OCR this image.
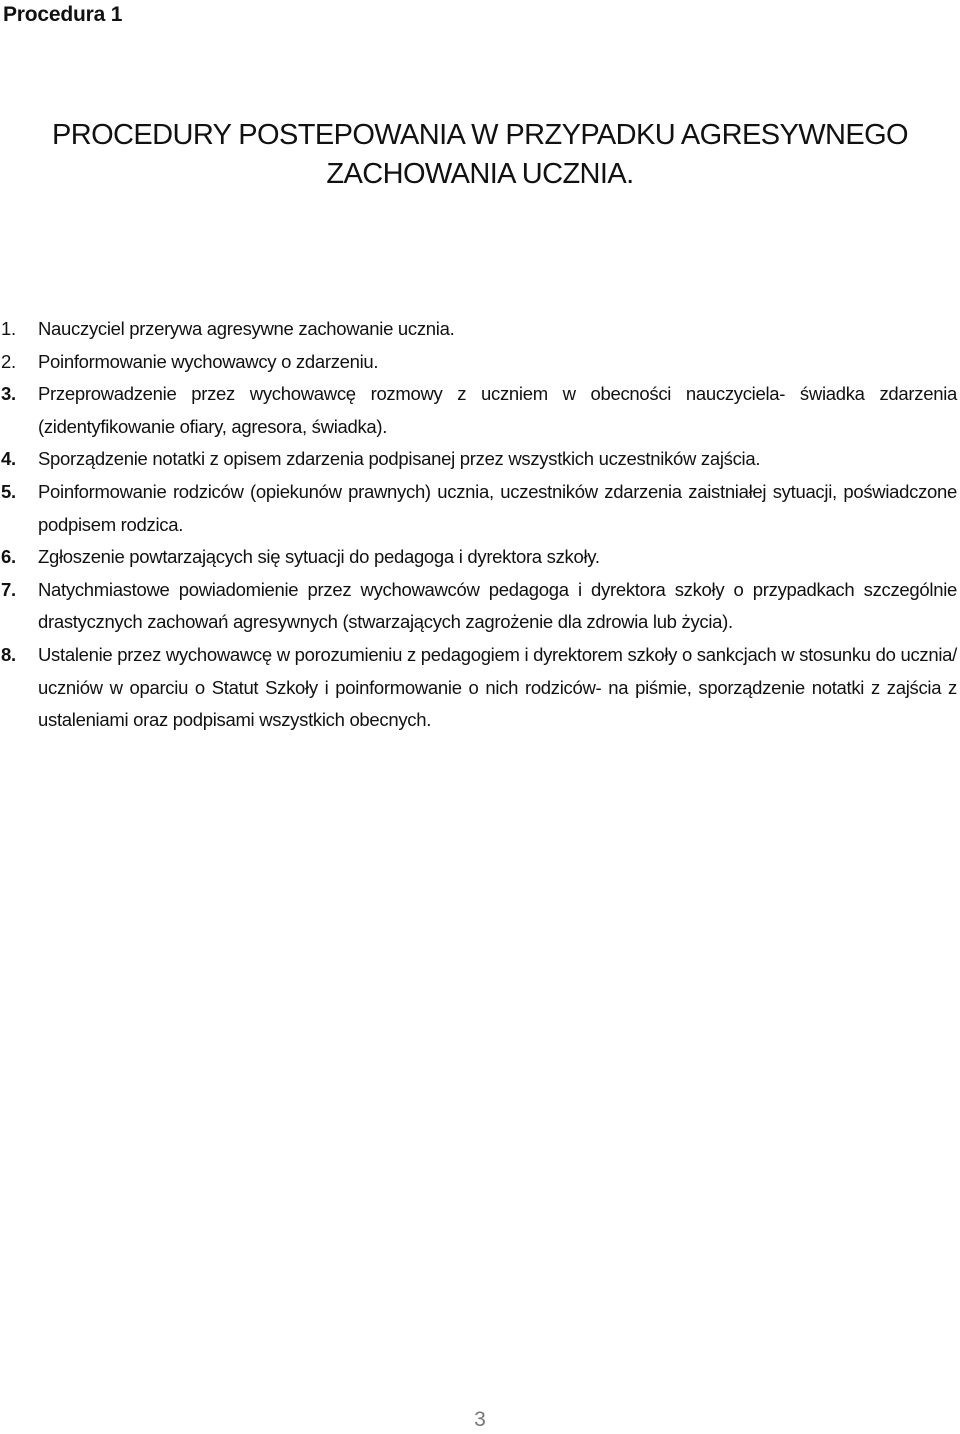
Procedura 1
PROCEDURY POSTEPOWANIA W PRZYPADKU AGRESYWNEGO
ZACHOWANIA UCZNIA.
1. Nauczyciel przerywa agresywne zachowanie ucznia.
2. Poinformowanie wychowawcy o zdarzeniu.
3. Przeprowadzenie przez wychowawcę rozmowy z uczniem w obecności nauczyciela- świadka zdarzenia (zidentyfikowanie ofiary, agresora, świadka).
4. Sporządzenie notatki z opisem zdarzenia podpisanej przez wszystkich uczestników zajścia.
5. Poinformowanie rodziców (opiekunów prawnych) ucznia, uczestników zdarzenia zaistniałej sytuacji, poświadczone podpisem rodzica.
6. Zgłoszenie powtarzających się sytuacji do pedagoga i dyrektora szkoły.
7. Natychmiastowe powiadomienie przez wychowawców pedagoga i dyrektora szkoły o przypadkach szczególnie drastycznych zachowań agresywnych (stwarzających zagrożenie dla zdrowia lub życia).
8. Ustalenie przez wychowawcę w porozumieniu z pedagogiem i dyrektorem szkoły o sankcjach w stosunku do ucznia/ uczniów w oparciu o Statut Szkoły i poinformowanie o nich rodziców- na piśmie, sporządzenie notatki z zajścia z ustaleniami oraz podpisami wszystkich obecnych.
3
